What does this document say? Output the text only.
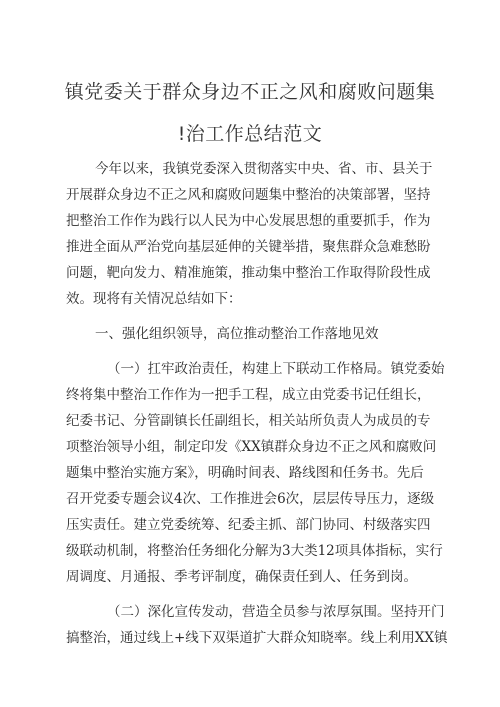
镇党委关于群众身边不正之风和腐败问题集
!治工作总结范文
今年以来，我镇党委深入贯彻落实中央、省、市、县关于
开展群众身边不正之风和腐败问题集中整治的决策部署，坚持
把整治工作作为践行以人民为中心发展思想的重要抓手，作为
推进全面从严治党向基层延伸的关键举措，聚焦群众急难愁盼
问题，靶向发力、精准施策，推动集中整治工作取得阶段性成
效。现将有关情况总结如下：
一、强化组织领导，高位推动整治工作落地见效
（一）扛牢政治责任，构建上下联动工作格局。镇党委始
终将集中整治工作作为一把手工程，成立由党委书记任组长，
纪委书记、分管副镇长任副组长，相关站所负责人为成员的专
项整治领导小组，制定印发《XX镇群众身边不正之风和腐败问
题集中整治实施方案》，明确时间表、路线图和任务书。先后
召开党委专题会议4次、工作推进会6次，层层传导压力，逐级
压实责任。建立党委统筹、纪委主抓、部门协同、村级落实四
级联动机制，将整治任务细化分解为3大类12项具体指标，实行
周调度、月通报、季考评制度，确保责任到人、任务到岗。
（二）深化宣传发动，营造全员参与浓厚氛围。坚持开门
搞整治，通过线上+线下双渠道扩大群众知晓率。线上利用XX镇
